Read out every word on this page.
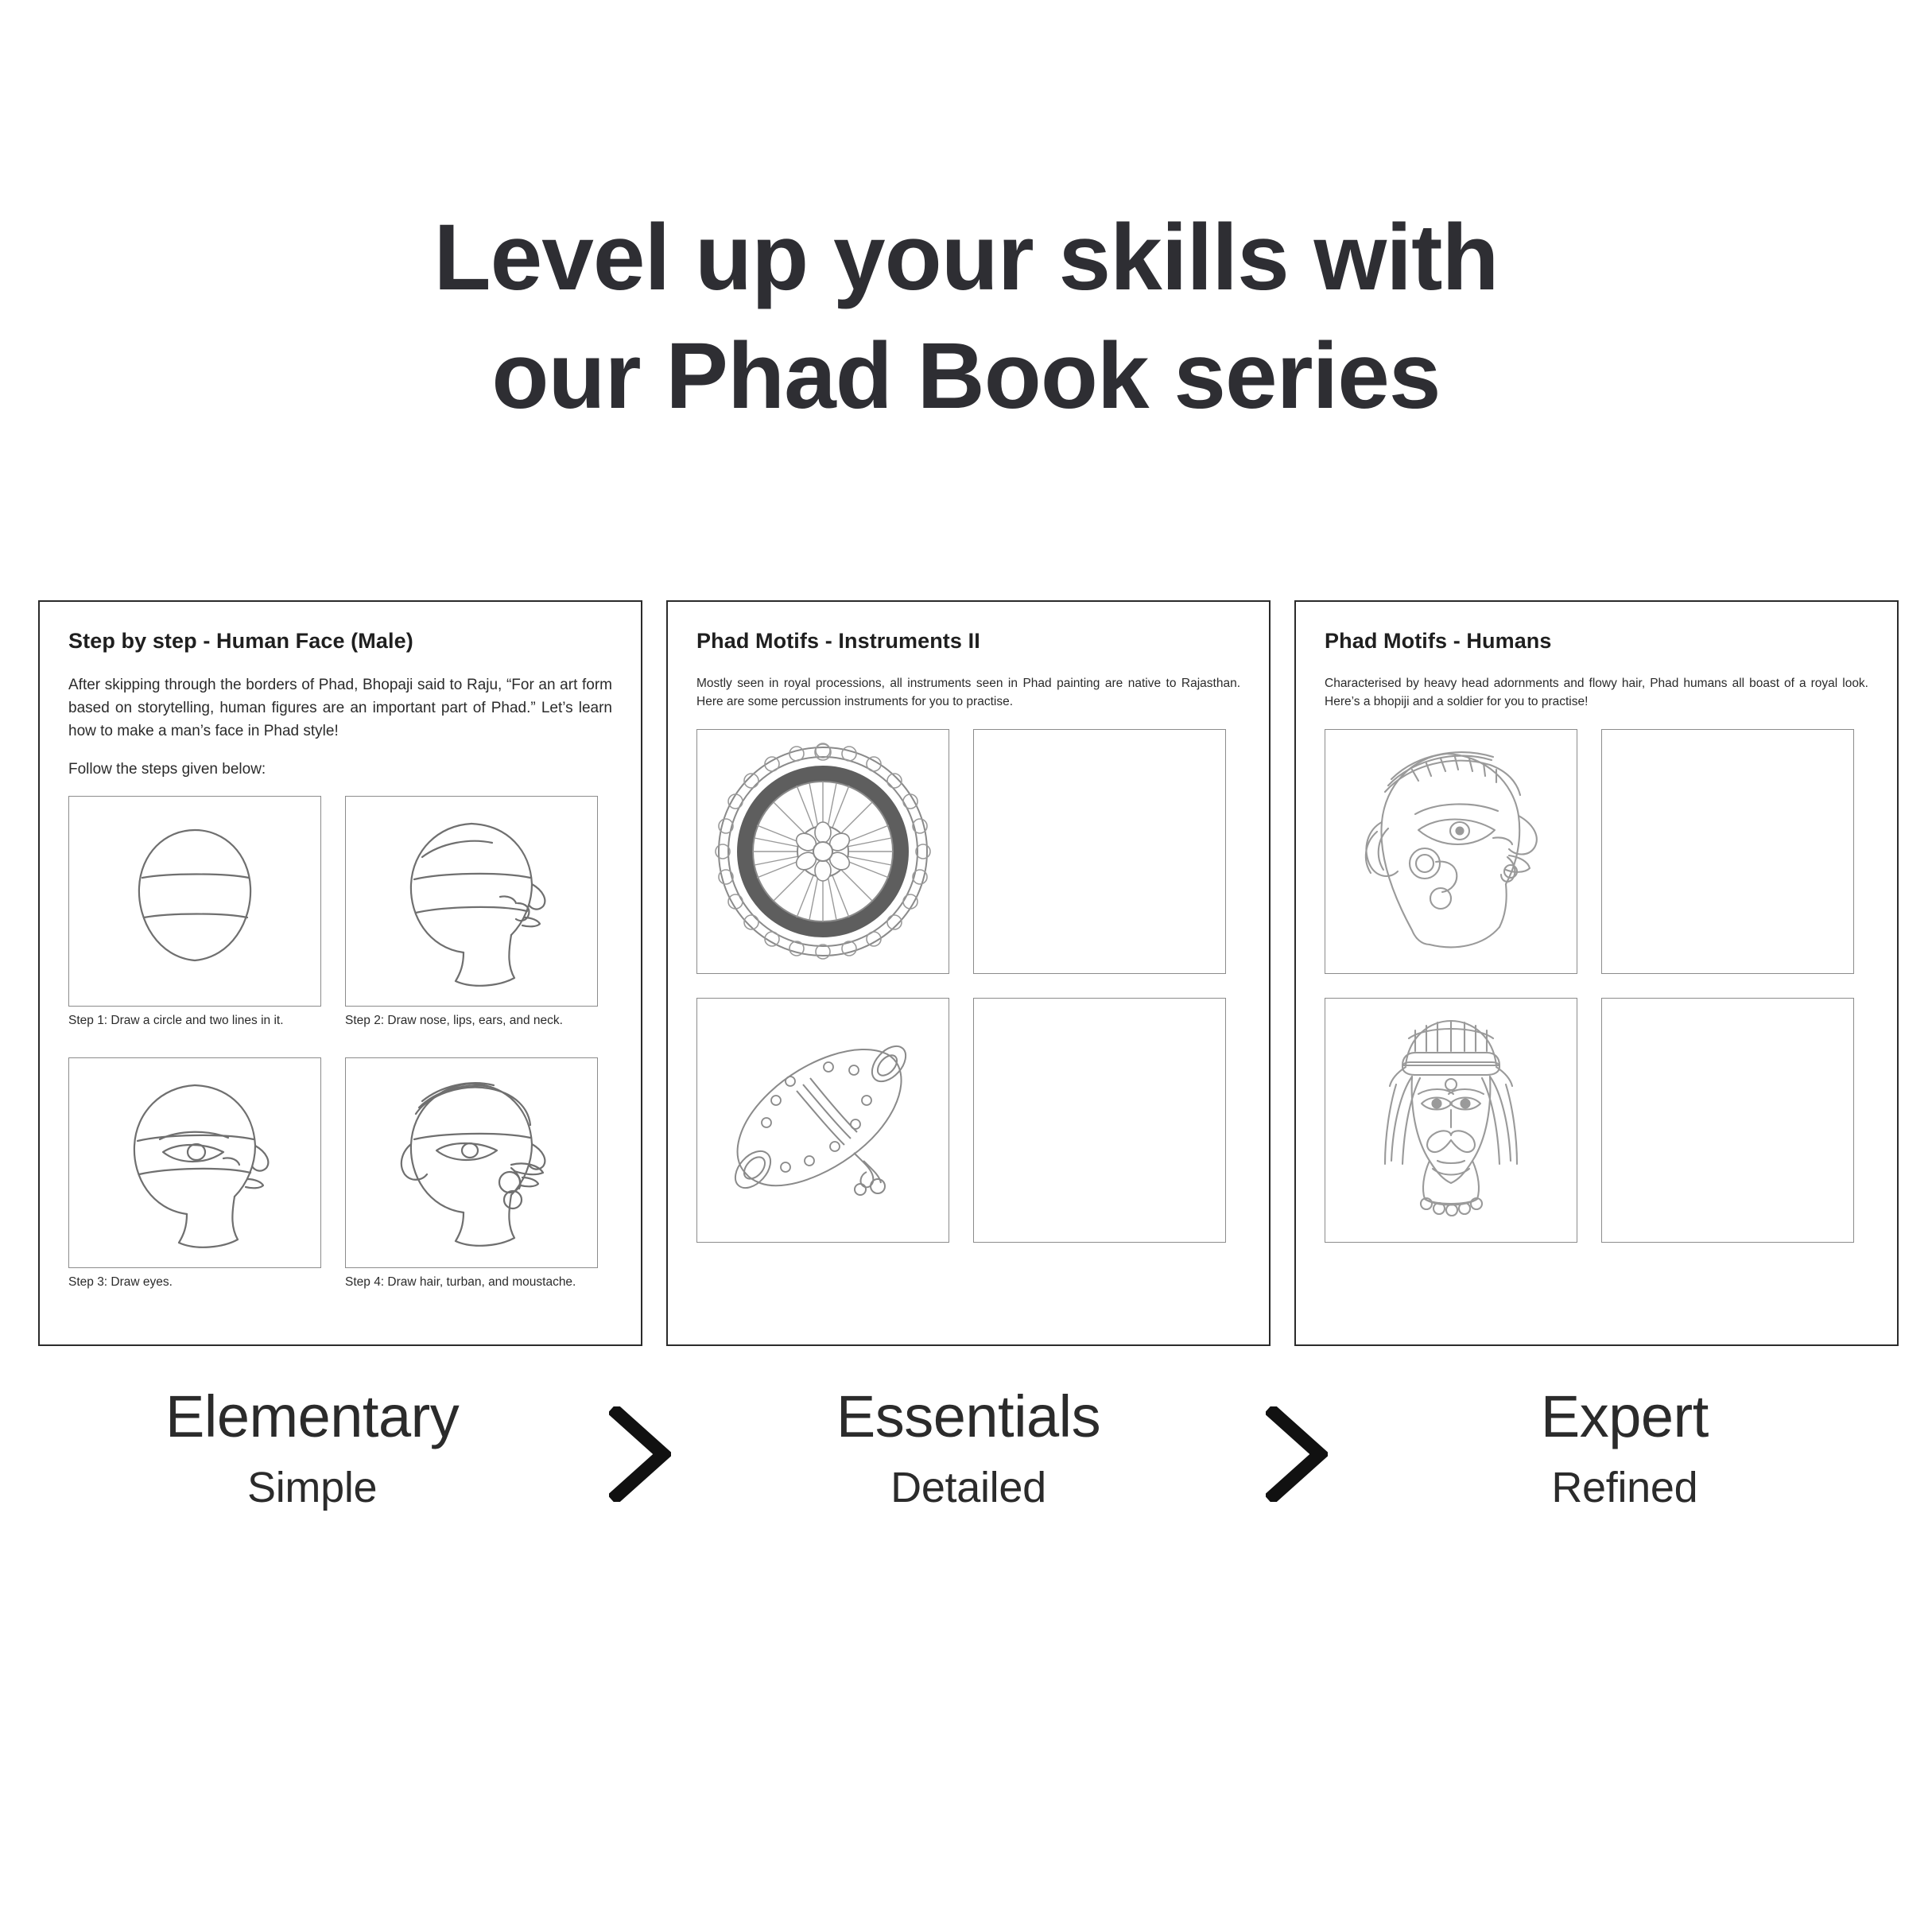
Level up your skills with
our Phad Book series
Step by step - Human Face (Male)

After skipping through the borders of Phad, Bhopaji said to Raju, “For an art form based on storytelling, human figures are an important part of Phad.” Let’s learn how to make a man’s face in Phad style!

Follow the steps given below:

Step 1: Draw a circle and two lines in it.	Step 2: Draw nose, lips, ears, and neck.
Step 3: Draw eyes.	Step 4: Draw hair, turban, and moustache.
Phad Motifs - Instruments II

Mostly seen in royal processions, all instruments seen in Phad painting are native to Rajasthan. Here are some percussion instruments for you to practise.

Phad Motifs - Humans

Characterised by heavy head adornments and flowy hair, Phad humans all boast of a royal look. Here’s a bhopiji and a soldier for you to practise!

Elementary
Simple
Essentials
Detailed
Expert
Refined
